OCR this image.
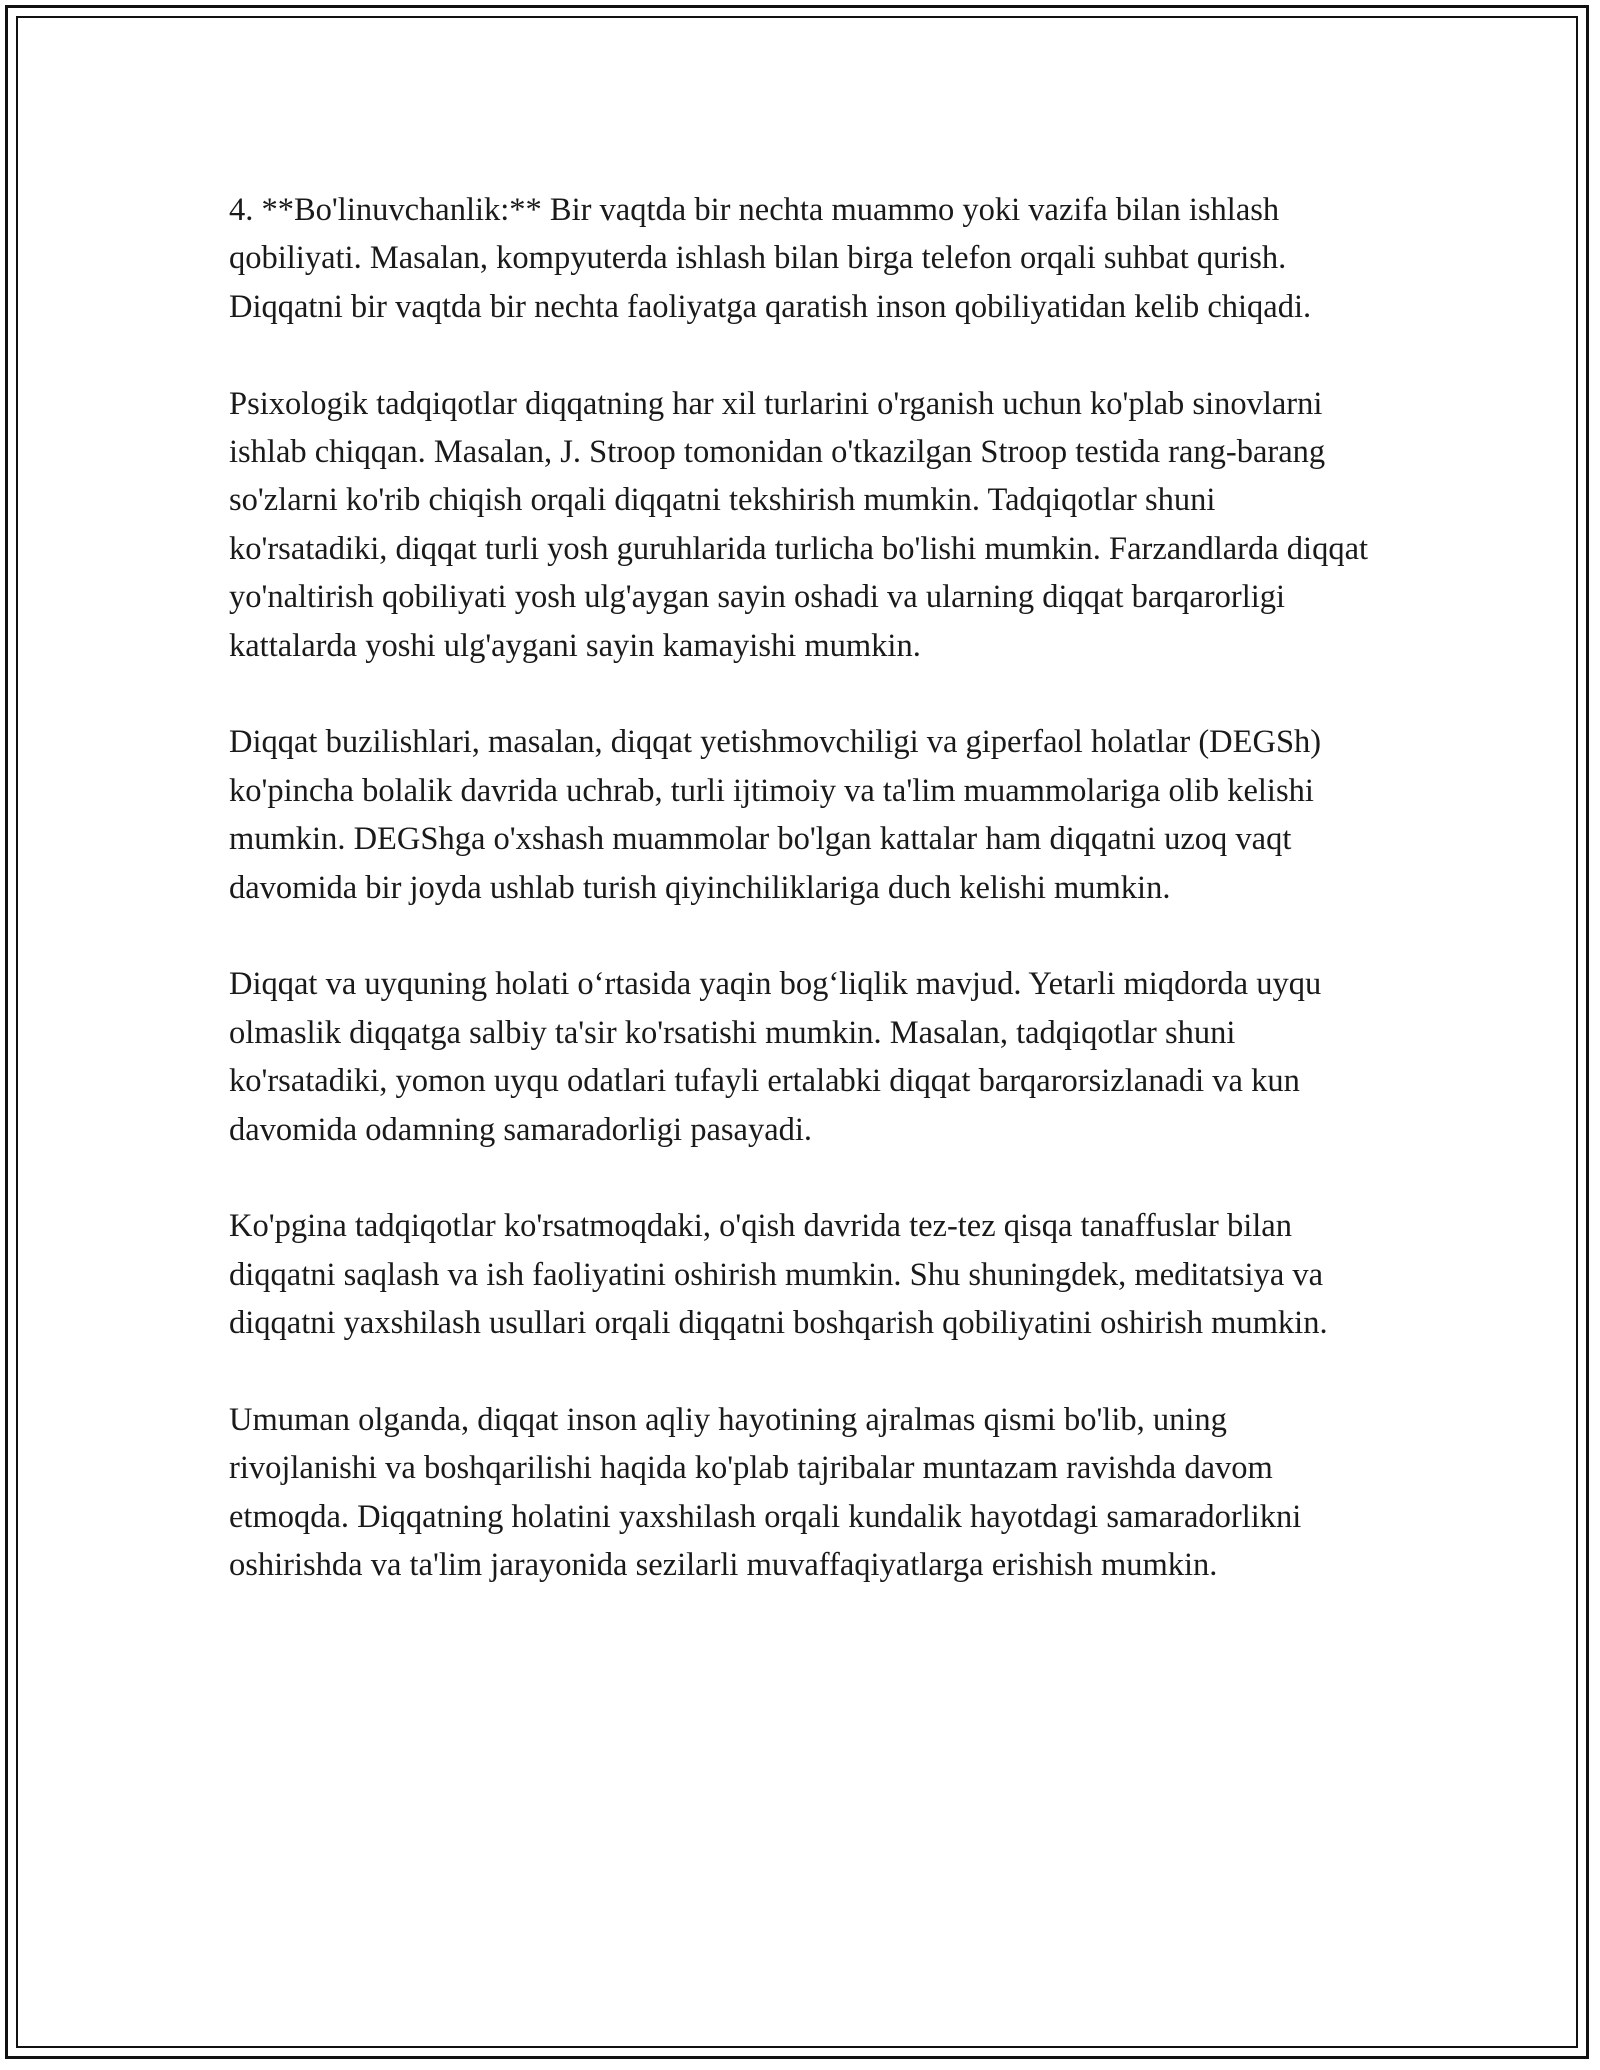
4. **Bo'linuvchanlik:** Bir vaqtda bir nechta muammo yoki vazifa bilan ishlash qobiliyati. Masalan, kompyuterda ishlash bilan birga telefon orqali suhbat qurish. Diqqatni bir vaqtda bir nechta faoliyatga qaratish inson qobiliyatidan kelib chiqadi.

Psixologik tadqiqotlar diqqatning har xil turlarini o'rganish uchun ko'plab sinovlarni ishlab chiqqan. Masalan, J. Stroop tomonidan o'tkazilgan Stroop testida rang-barang so'zlarni ko'rib chiqish orqali diqqatni tekshirish mumkin. Tadqiqotlar shuni ko'rsatadiki, diqqat turli yosh guruhlarida turlicha bo'lishi mumkin. Farzandlarda diqqat yo'naltirish qobiliyati yosh ulg'aygan sayin oshadi va ularning diqqat barqarorligi kattalarda yoshi ulg'aygani sayin kamayishi mumkin.

Diqqat buzilishlari, masalan, diqqat yetishmovchiligi va giperfaol holatlar (DEGSh) ko'pincha bolalik davrida uchrab, turli ijtimoiy va ta'lim muammolariga olib kelishi mumkin. DEGShga o'xshash muammolar bo'lgan kattalar ham diqqatni uzoq vaqt davomida bir joyda ushlab turish qiyinchiliklariga duch kelishi mumkin.

Diqqat va uyquning holati o‘rtasida yaqin bog‘liqlik mavjud. Yetarli miqdorda uyqu olmaslik diqqatga salbiy ta'sir ko'rsatishi mumkin. Masalan, tadqiqotlar shuni ko'rsatadiki, yomon uyqu odatlari tufayli ertalabki diqqat barqarorsizlanadi va kun davomida odamning samaradorligi pasayadi.

Ko'pgina tadqiqotlar ko'rsatmoqdaki, o'qish davrida tez-tez qisqa tanaffuslar bilan diqqatni saqlash va ish faoliyatini oshirish mumkin. Shu shuningdek, meditatsiya va diqqatni yaxshilash usullari orqali diqqatni boshqarish qobiliyatini oshirish mumkin.

Umuman olganda, diqqat inson aqliy hayotining ajralmas qismi bo'lib, uning rivojlanishi va boshqarilishi haqida ko'plab tajribalar muntazam ravishda davom etmoqda. Diqqatning holatini yaxshilash orqali kundalik hayotdagi samaradorlikni oshirishda va ta'lim jarayonida sezilarli muvaffaqiyatlarga erishish mumkin.
